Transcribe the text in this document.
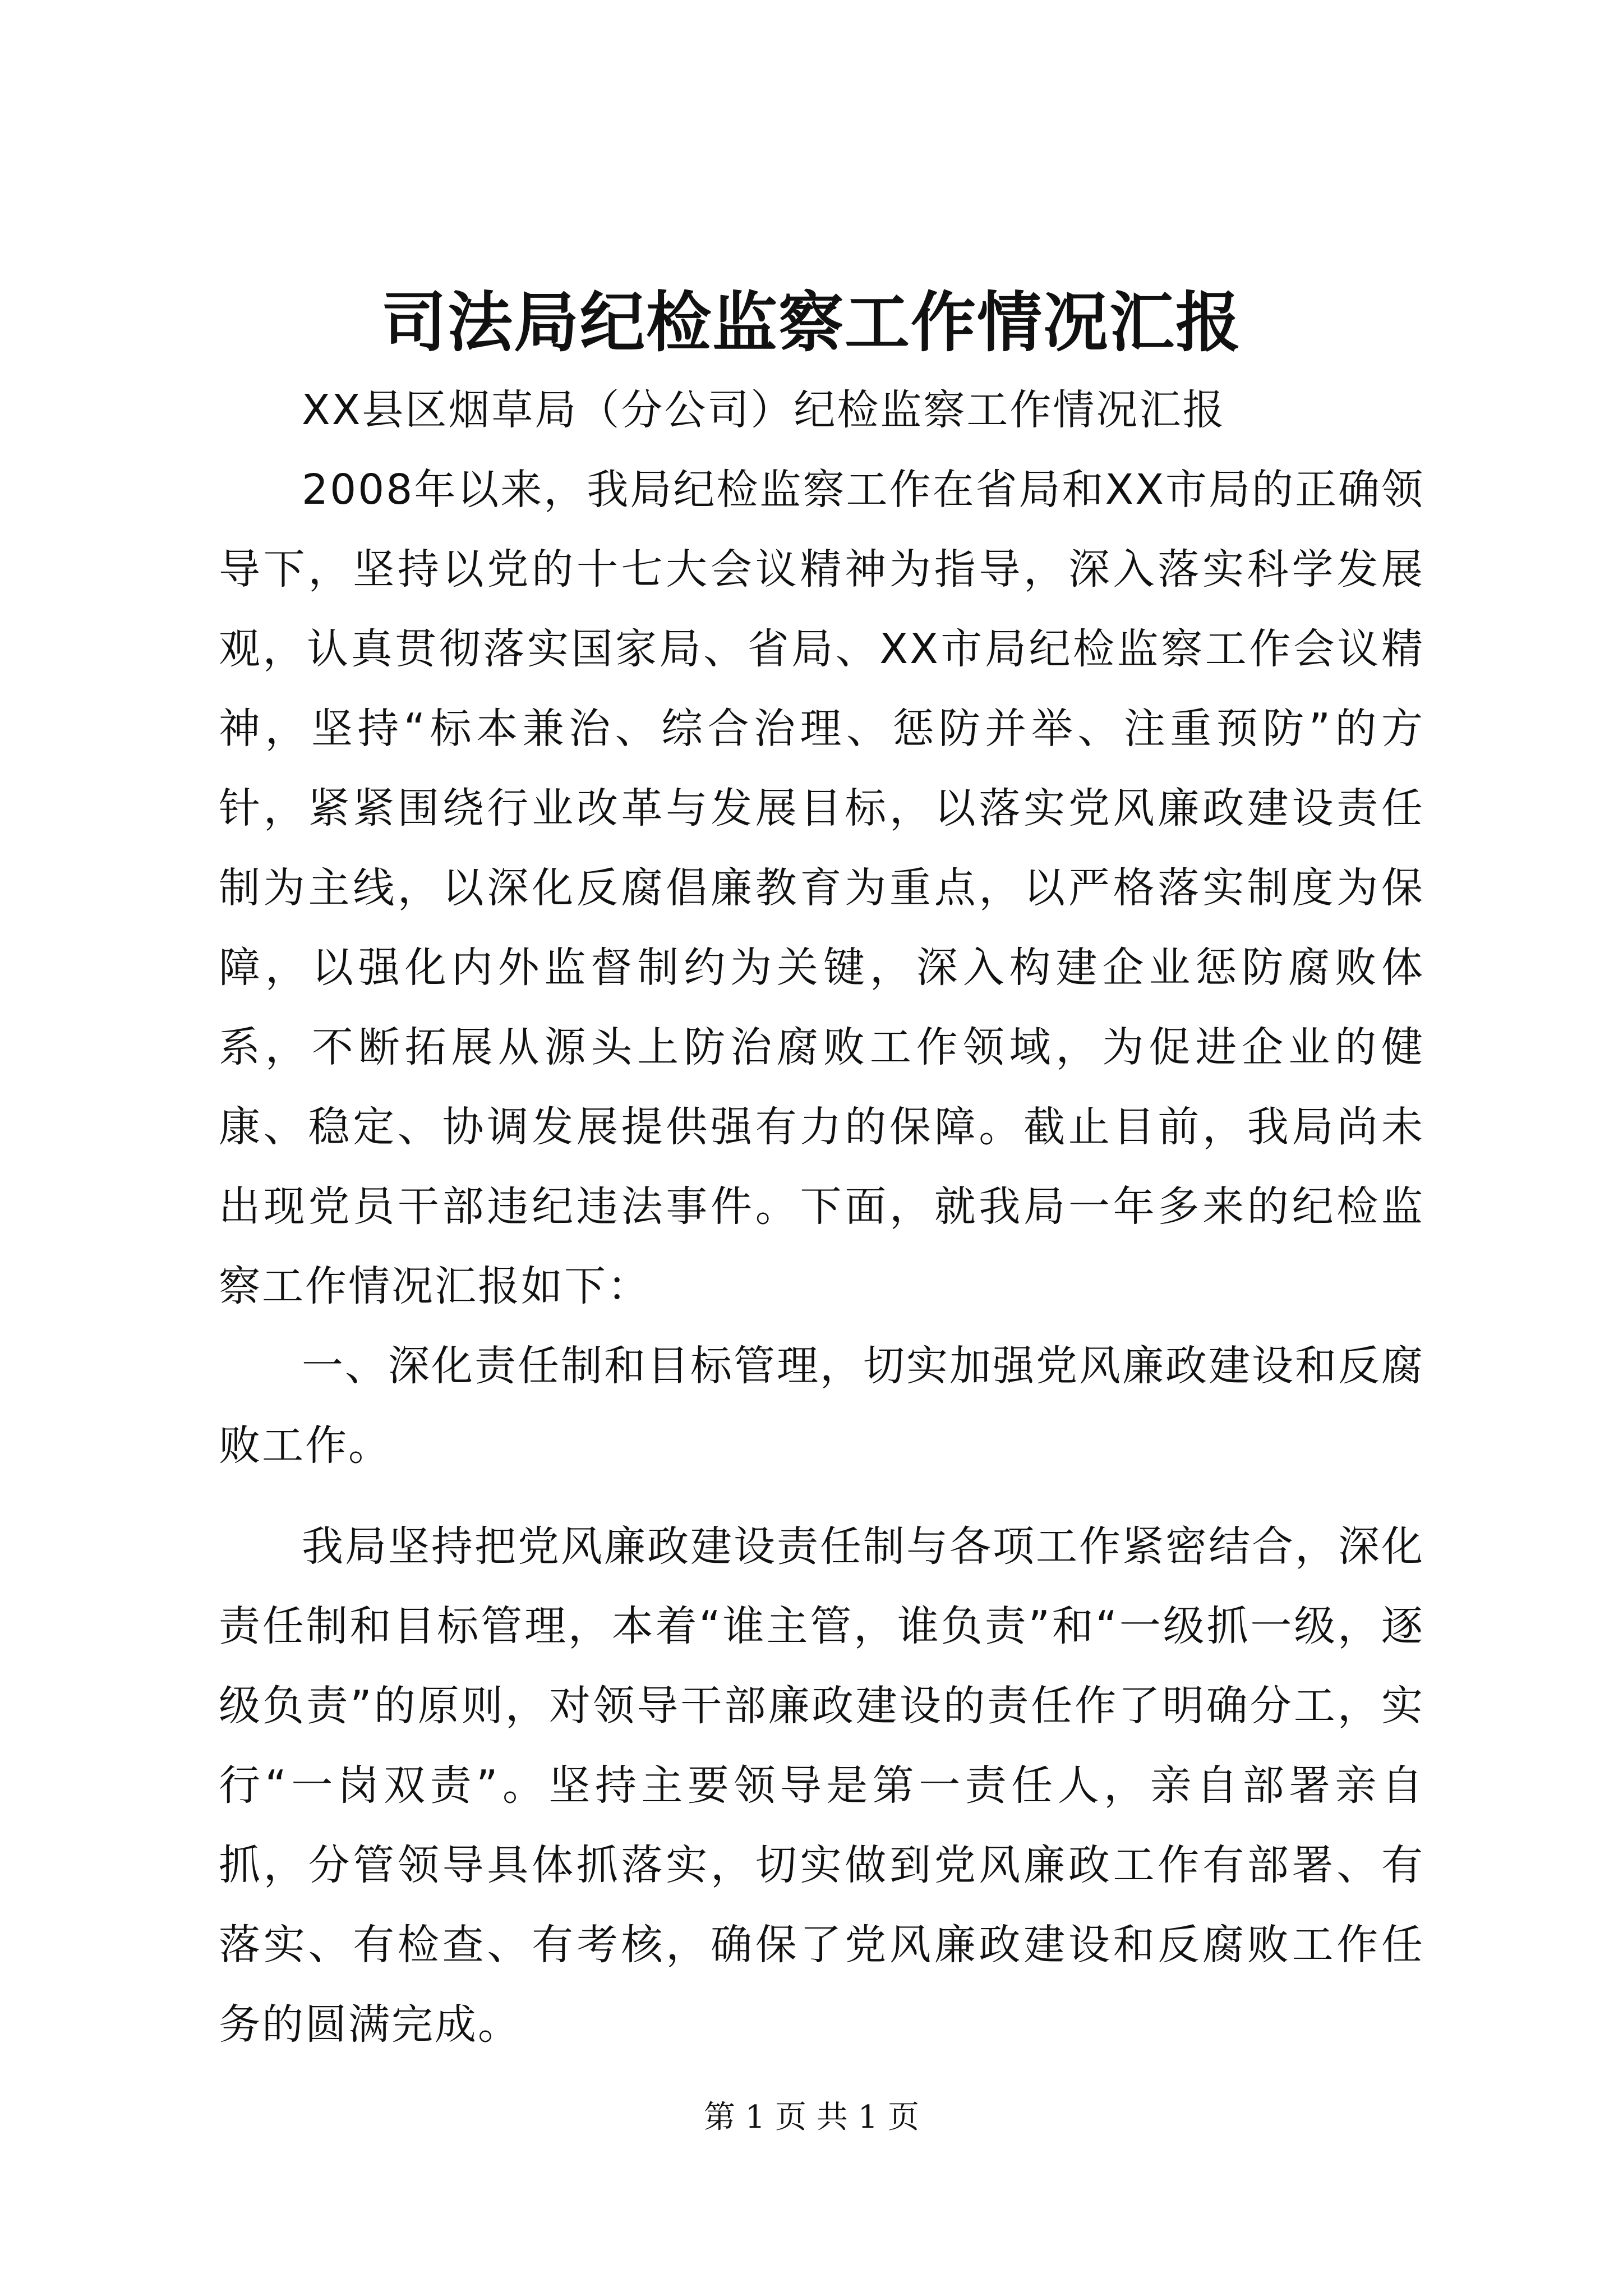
司法局纪检监察工作情况汇报

XX县区烟草局（分公司）纪检监察工作情况汇报

2008年以来，我局纪检监察工作在省局和XX市局的正确领导下，坚持以党的十七大会议精神为指导，深入落实科学发展观，认真贯彻落实国家局、省局、XX市局纪检监察工作会议精神，坚持“标本兼治、综合治理、惩防并举、注重预防”的方针，紧紧围绕行业改革与发展目标，以落实党风廉政建设责任制为主线，以深化反腐倡廉教育为重点，以严格落实制度为保障，以强化内外监督制约为关键，深入构建企业惩防腐败体系，不断拓展从源头上防治腐败工作领域，为促进企业的健康、稳定、协调发展提供强有力的保障。截止目前，我局尚未出现党员干部违纪违法事件。下面，就我局一年多来的纪检监察工作情况汇报如下：

一、深化责任制和目标管理，切实加强党风廉政建设和反腐败工作。

我局坚持把党风廉政建设责任制与各项工作紧密结合，深化责任制和目标管理，本着“谁主管，谁负责”和“一级抓一级，逐级负责”的原则，对领导干部廉政建设的责任作了明确分工，实行“一岗双责”。坚持主要领导是第一责任人，亲自部署亲自抓，分管领导具体抓落实，切实做到党风廉政工作有部署、有落实、有检查、有考核，确保了党风廉政建设和反腐败工作任务的圆满完成。

第 1 页 共 1 页
